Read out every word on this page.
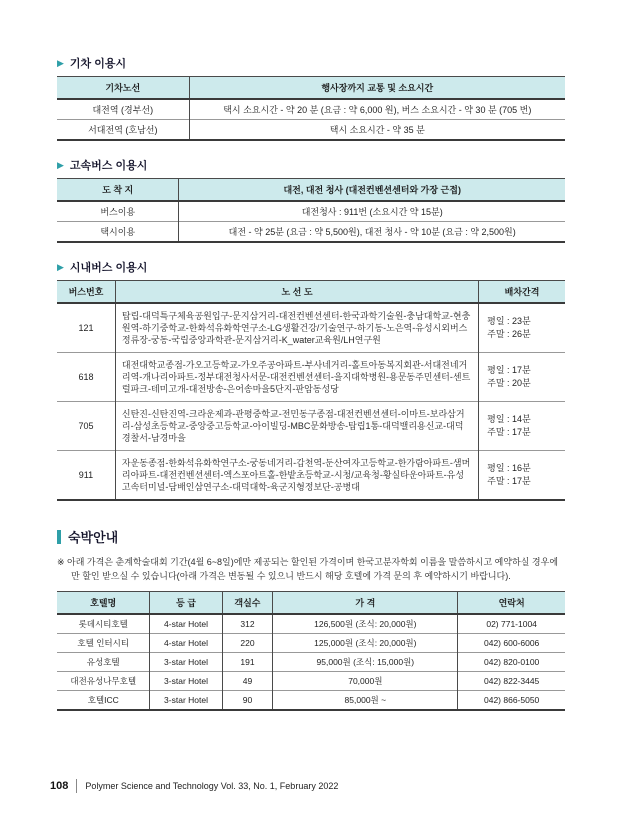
▶ 기차 이용시
기차노선	행사장까지 교통 및 소요시간
대전역 (경부선)	택시 소요시간 - 약 20 분 (요금 : 약 6,000 원), 버스 소요시간 - 약 30 분 (705 번)
서대전역 (호남선)	택시 소요시간 - 약 35 분
▶ 고속버스 이용시
도 착 지	대전, 대전 청사 (대전컨벤션센터와 가장 근접)
버스이용	대전청사 : 911번 (소요시간 약 15분)
택시이용	대전 - 약 25분 (요금 : 약 5,500원), 대전 청사 - 약 10분 (요금 : 약 2,500원)
▶ 시내버스 이용시
버스번호	노 선 도	배차간격
121	탑립-대덕특구체육공원입구-문지삼거리-대전컨벤션센터-한국과학기술원-충남대학교-현충원역-하기중학교-한화석유화학연구소-LG생활건강/기술연구-하기동-노은역-유성시외버스정류장-궁동-국립중앙과학관-문지삼거리-K_water교육원/LH연구원	평일 : 23분
주말 : 26분

618	대전대학교종점-가오고등학교-가오주공아파트-부사네거리-홀트아동복지회관-서대전네거리역-개나리아파트-정부대전청사서문-대전컨벤션센터-을지대학병원-용문동주민센터-센트럴파크-테미고개-대전방송-은어송마을5단지-판암동성당	평일 : 17분
주말 : 20분

705	신탄진-신탄진역-크라운제과-관평중학교-전민동구종점-대전컨벤션센터-이마트-보라삼거리-삼성초등학교-중앙중고등학교-아이빌딩-MBC문화방송-탑립1통-대덕밸리용신교-대덕경찰서-남경마을	평일 : 14분
주말 : 17분

911	자운동종점-한화석유화학연구소-궁동네거리-갑천역-둔산여자고등학교-한가람아파트-샘머리아파트-대전컨벤션센터-엑스포아트홀-한밭초등학교-시청/교육청-황실타운아파트-유성고속터미널-담배인삼연구소-대덕대학-육군지형정보단-공병대	평일 : 16분
주말 : 17분
숙박안내
※ 아래 가격은 춘계학술대회 기간(4월 6~8일)에만 제공되는 할인된 가격이며 한국고분자학회 이름을 말씀하시고 예약하실 경우에만 할인 받으실 수 있습니다(아래 가격은 변동될 수 있으니 반드시 해당 호텔에 가격 문의 후 예약하시기 바랍니다).
호텔명	등 급	객실수	가 격	연락처
롯데시티호텔	4-star Hotel	312	126,500원 (조식: 20,000원)	02) 771-1004
호텔 인터시티	4-star Hotel	220	125,000원 (조식: 20,000원)	042) 600-6006
유성호텔	3-star Hotel	191	95,000원 (조식: 15,000원)	042) 820-0100
대전유성나무호텔	3-star Hotel	49	70,000원	042) 822-3445
호텔ICC	3-star Hotel	90	85,000원 ~	042) 866-5050
108 Polymer Science and Technology Vol. 33, No. 1, February 2022
